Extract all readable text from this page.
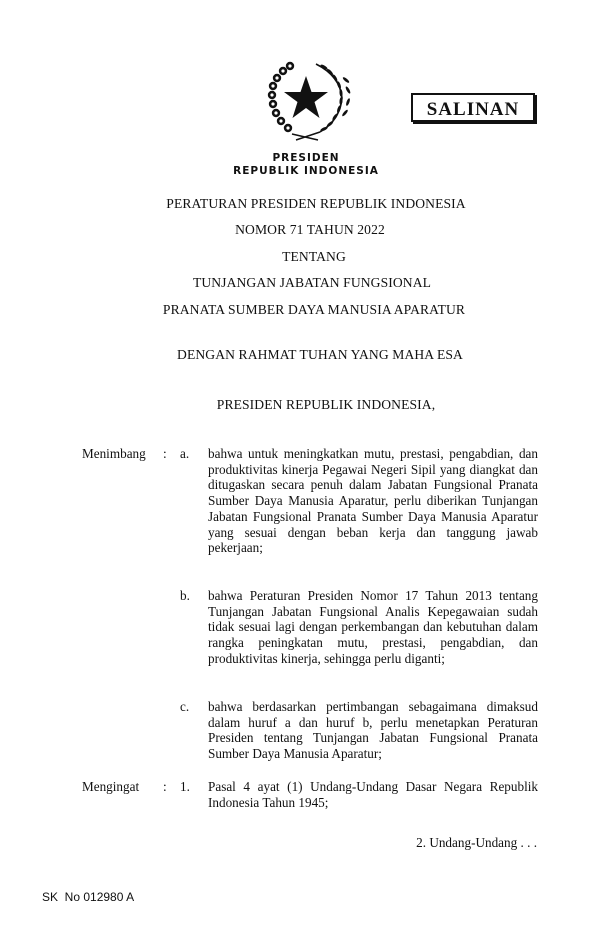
SALINAN
PRESIDEN
REPUBLIK INDONESIA
PERATURAN PRESIDEN REPUBLIK INDONESIA
NOMOR 71 TAHUN 2022
TENTANG
TUNJANGAN JABATAN FUNGSIONAL
PRANATA SUMBER DAYA MANUSIA APARATUR
DENGAN RAHMAT TUHAN YANG MAHA ESA
PRESIDEN REPUBLIK INDONESIA,
Menimbang : a. bahwa untuk meningkatkan mutu, prestasi, pengabdian, dan produktivitas kinerja Pegawai Negeri Sipil yang diangkat dan ditugaskan secara penuh dalam Jabatan Fungsional Pranata Sumber Daya Manusia Aparatur, perlu diberikan Tunjangan Jabatan Fungsional Pranata Sumber Daya Manusia Aparatur yang sesuai dengan beban kerja dan tanggung jawab pekerjaan;
b. bahwa Peraturan Presiden Nomor 17 Tahun 2013 tentang Tunjangan Jabatan Fungsional Analis Kepegawaian sudah tidak sesuai lagi dengan perkembangan dan kebutuhan dalam rangka peningkatan mutu, prestasi, pengabdian, dan produktivitas kinerja, sehingga perlu diganti;
c. bahwa berdasarkan pertimbangan sebagaimana dimaksud dalam huruf a dan huruf b, perlu menetapkan Peraturan Presiden tentang Tunjangan Jabatan Fungsional Pranata Sumber Daya Manusia Aparatur;
Mengingat : 1. Pasal 4 ayat (1) Undang-Undang Dasar Negara Republik Indonesia Tahun 1945;
2. Undang-Undang . . .
SK  No 012980 A
